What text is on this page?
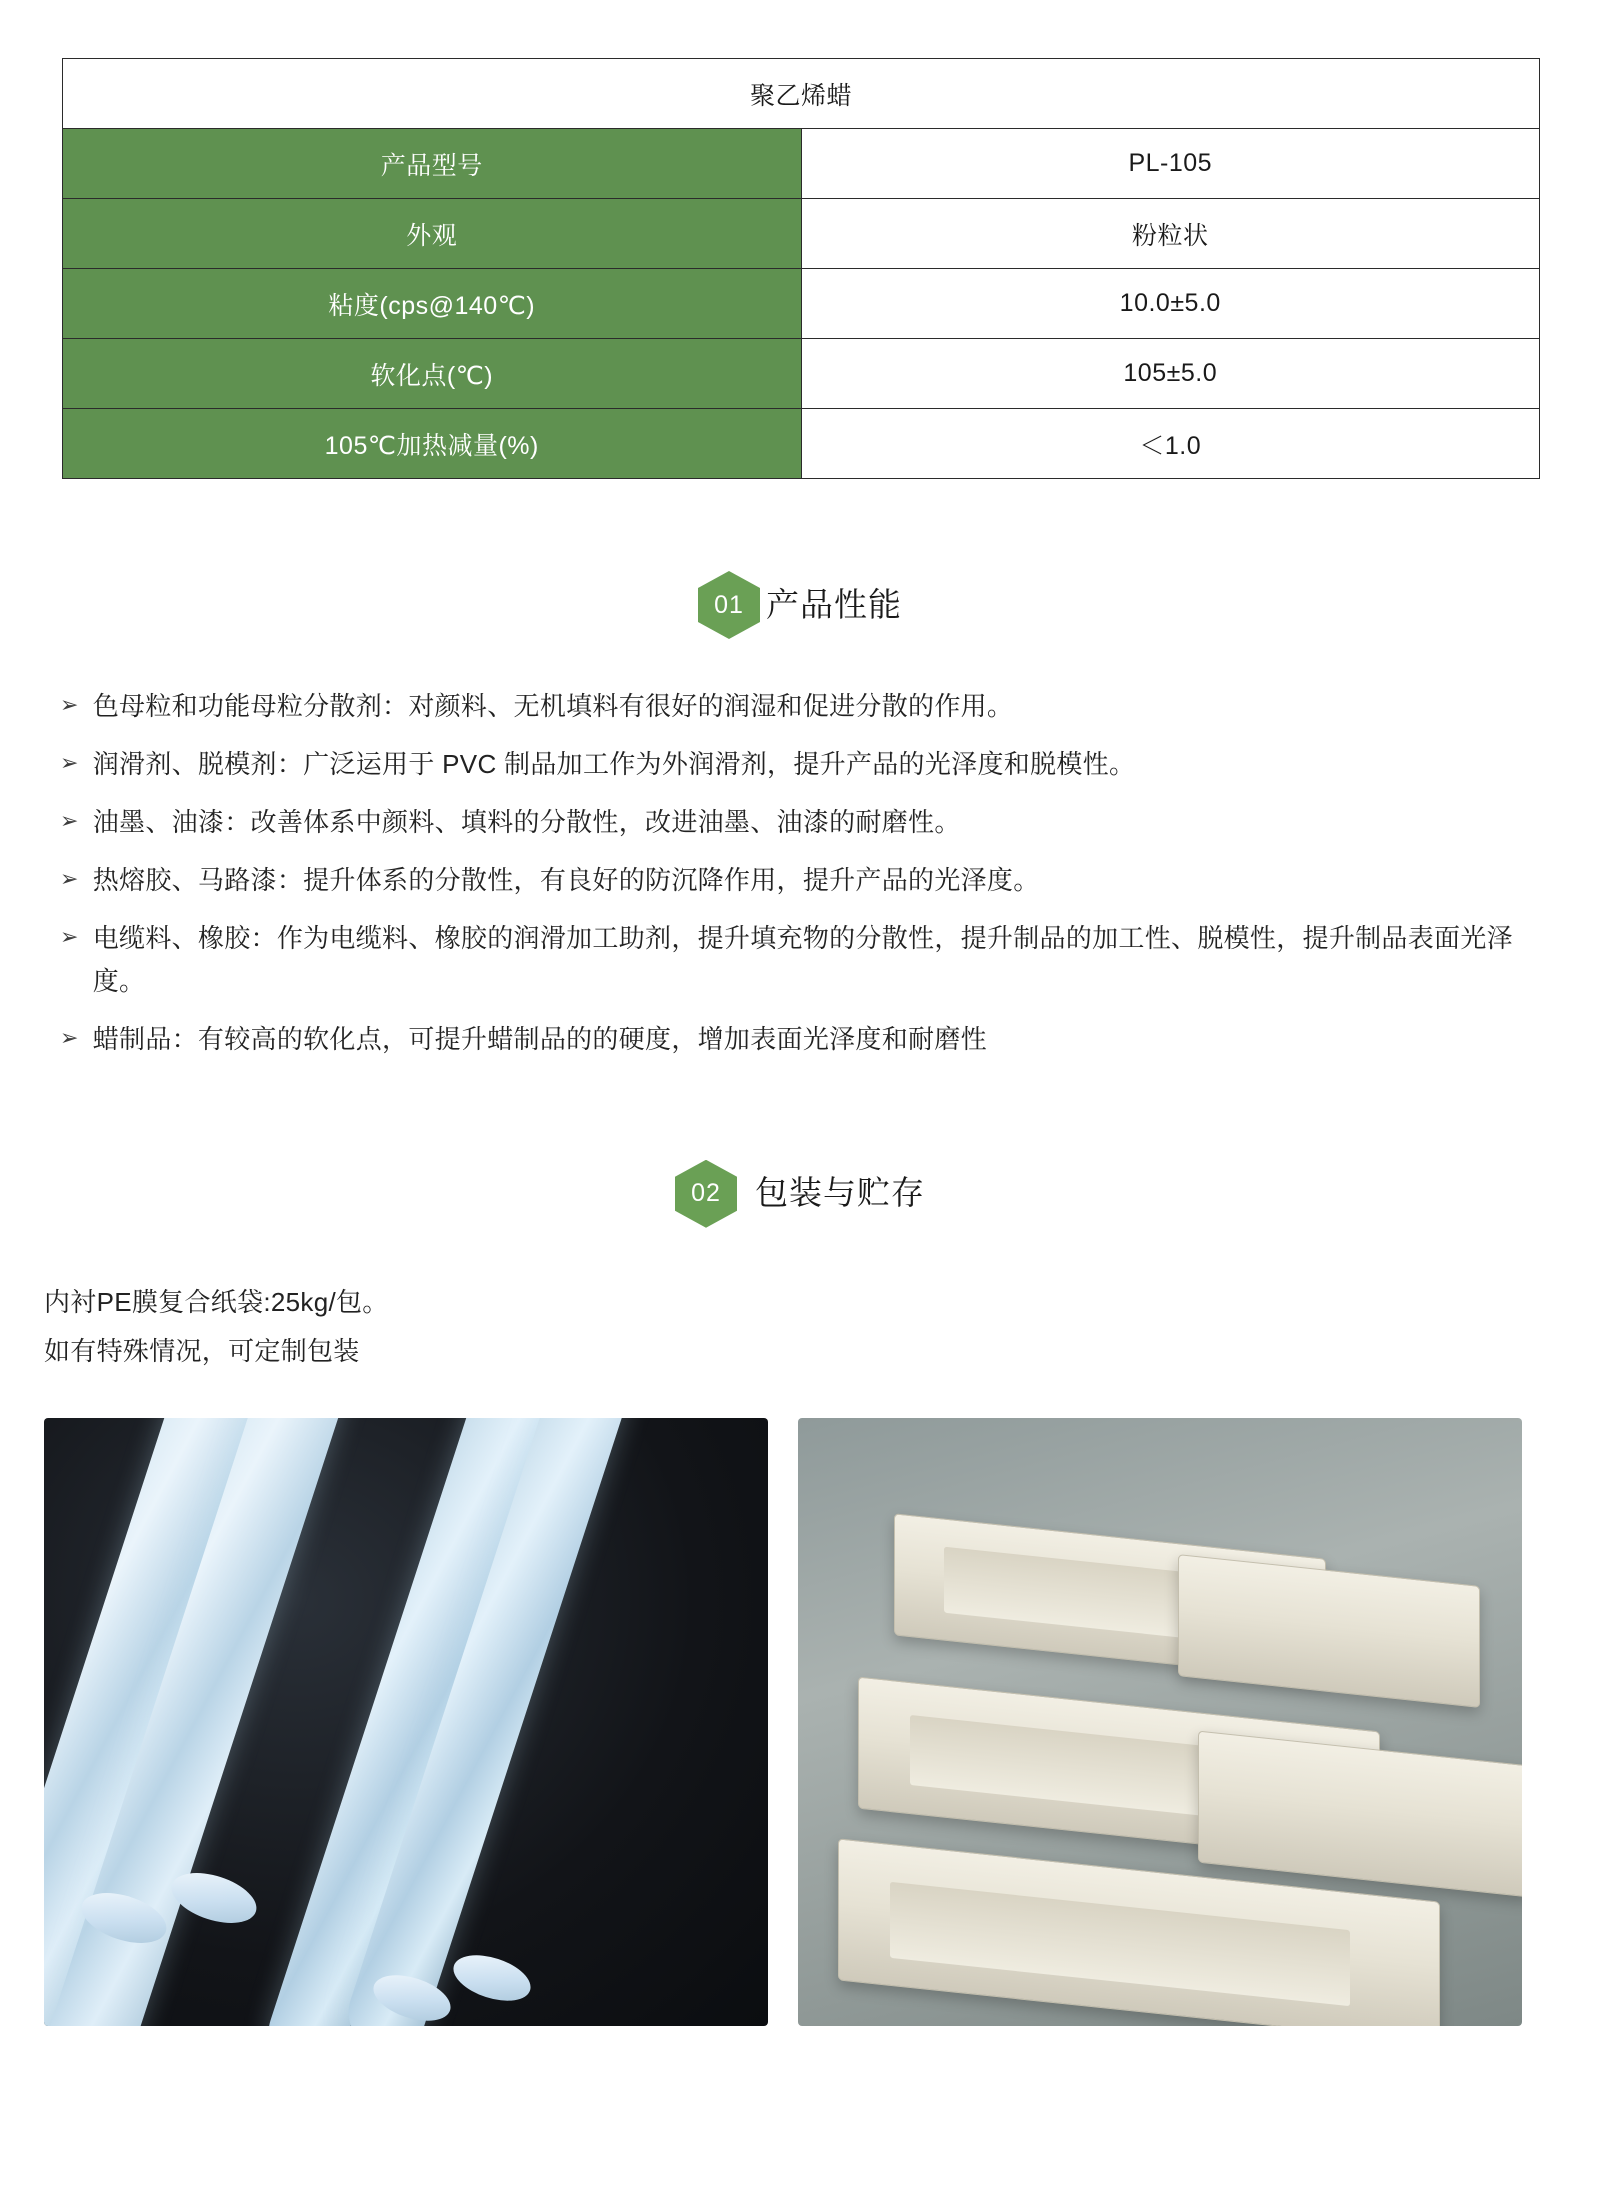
聚乙烯蜡	
产品型号	PL-105
外观	粉粒状
粘度(cps@140℃)	10.0±5.0
软化点(℃)	105±5.0
105℃加热减量(%)	＜1.0
01 产品性能
➢ 色母粒和功能母粒分散剂：对颜料、无机填料有很好的润湿和促进分散的作用。
➢ 润滑剂、脱模剂：广泛运用于 PVC 制品加工作为外润滑剂，提升产品的光泽度和脱模性。
➢ 油墨、油漆：改善体系中颜料、填料的分散性，改进油墨、油漆的耐磨性。
➢ 热熔胶、马路漆：提升体系的分散性，有良好的防沉降作用，提升产品的光泽度。
➢ 电缆料、橡胶：作为电缆料、橡胶的润滑加工助剂，提升填充物的分散性，提升制品的加工性、脱模性，提升制品表面光泽度。
➢ 蜡制品：有较高的软化点，可提升蜡制品的的硬度，增加表面光泽度和耐磨性
02 包装与贮存
内衬PE膜复合纸袋:25kg/包。
如有特殊情况，可定制包装
